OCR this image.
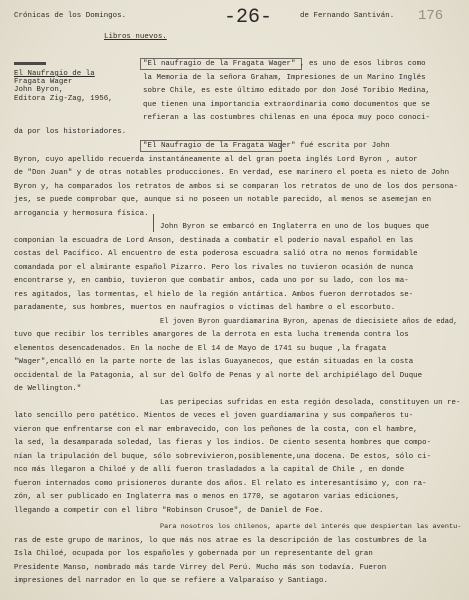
Crónicas de los Domingos.	-26-	de Fernando Santiván. 176
Libros nuevos.
El Naufragio de la
Fragata Wager
John Byron,
Editora Zig-Zag, 1956,
"El naufragio de la Fragata Wager" , es uno de esos libros como
la Memoria de la señora Graham, Impresiones de un Marino Inglés
sobre Chile, es este último editado por don José Toribio Medina,
que tienen una importancia extraordinaria como documentos que se
refieran a las costumbres chilenas en una época muy poco conoci-
da por los historiadores.
"El Naufragio de la Fragata Wager" fué escrita por John
Byron, cuyo apellido recuerda instantáneamente al del gran poeta inglés Lord Byron , autor
de "Don Juan" y de otras notables producciones. En verdad, ese marinero el poeta es nieto de John
Byron y, ha comparados los retratos de ambos si se comparan los retratos de uno de los dos persona-
jes, se puede comprobar que, aunque si no poseen un notable parecido, al menos se asemejan en
arrogancia y hermosura física.
John Byron se embarcó en Inglaterra en uno de los buques que
componían la escuadra de Lord Anson, destinada a combatir el poderío naval español en las
costas del Pacífico. Al encuentro de esta poderosa escuadra salió otra no menos formidable
comandada por el almirante español Pizarro. Pero los rivales no tuvieron ocasión de nunca
encontrarse y, en cambio, tuvieron que combatir ambos, cada uno por su lado, con los ma-
res agitados, las tormentas, el hielo de la región antártica. Ambos fueron derrotados se-
paradamente, sus hombres, muertos en naufragios o víctimas del hambre o el escorbuto.
El joven Byron guardiamarina Byron, apenas de diecisiete años de edad,
tuvo que recibir los terribles amargores de la derrota en esta lucha tremenda contra los
elementos desencadenados. En la noche de El 14 de Mayo de 1741 su buque ,la fragata
"Wager",encalló en la parte norte de las islas Guayanecos, que están situadas en la costa
occidental de la Patagonia, al sur del Golfo de Penas y al norte del archipiélago del Duque
de Wellington."
Las peripecias sufridas en esta región desolada, constituyen un re-
lato sencillo pero patético. Mientos de veces el joven guardiamarina y sus compañeros tu-
vieron que enfrentarse con el mar embravecido, con los peñones de la costa, con el hambre,
la sed, la desamparada soledad, las fieras y los indios. De ciento sesenta hombres que compo-
nían la tripulación del buque, sólo sobrevivieron,posiblemente,una docena. De estos, sólo ci-
nco más llegaron a Chiloé y de allí fueron trasladados a la capital de Chile , en donde
fueron internados como prisioneros durante dos años. El relato es interesantísimo y, con ra-
zón, al ser publicado en Inglaterra mas o menos en 1770, se agotaron varias ediciones,
llegando a competir con el libro "Robinson Crusoe", de Daniel de Foe.
Para nosotros los chilenos, aparte del interés que despiertan las aventu-
ras de este grupo de marinos, lo que más nos atrae es la descripción de las costumbres de la
Isla Chiloé, ocupada por los españoles y gobernada por un representante del gran
Presidente Manso, nombrado más tarde Virrey del Perú. Mucho más son todavía. Fueron
impresiones del narrador en lo que se refiere a Valparaíso y Santiago.
